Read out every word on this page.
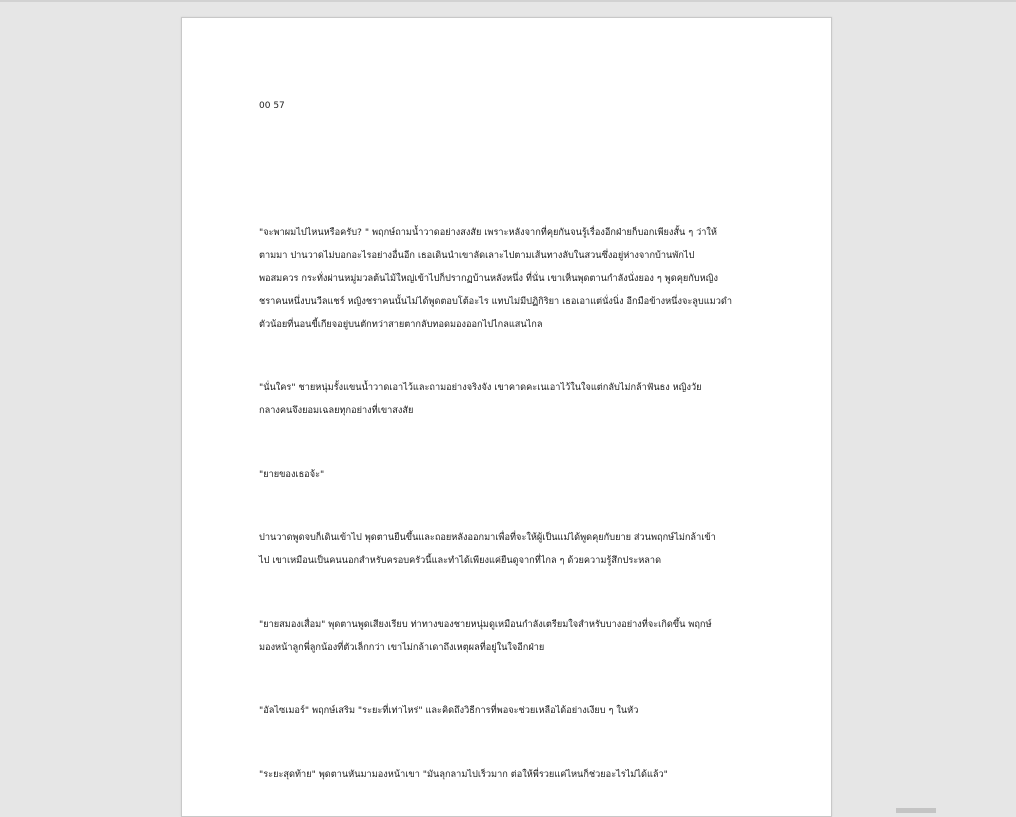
00 57
"จะพาผมไปไหนหรือครับ? " พฤกษ์ถามน้ำวาดอย่างสงสัย เพราะหลังจากที่คุยกันจนรู้เรื่องอีกฝ่ายก็บอกเพียงสั้น ๆ ว่าให้
ตามมา ปานวาดไม่บอกอะไรอย่างอื่นอีก เธอเดินนำเขาลัดเลาะไปตามเส้นทางลับในสวนซึ่งอยู่ห่างจากบ้านพักไป
พอสมควร กระทั่งผ่านหมู่มวลต้นไม้ใหญ่เข้าไปก็ปรากฏบ้านหลังหนึ่ง ที่นั่น เขาเห็นพุดตานกำลังนั่งยอง ๆ พูดคุยกับหญิง
ชราคนหนึ่งบนวีลแชร์ หญิงชราคนนั้นไม่ได้พูดตอบโต้อะไร แทบไม่มีปฏิกิริยา เธอเอาแต่นั่งนิ่ง อีกมือข้างหนึ่งจะลูบแมวดำ
ตัวน้อยที่นอนขี้เกียจอยู่บนตักทว่าสายตากลับทอดมองออกไปไกลแสนไกล
"นั่นใคร" ชายหนุ่มรั้งแขนน้ำวาดเอาไว้และถามอย่างจริงจัง เขาคาดคะเนเอาไว้ในใจแต่กลับไม่กล้าฟันธง หญิงวัย
กลางคนจึงยอมเฉลยทุกอย่างที่เขาสงสัย
"ยายของเธอจ้ะ"
ปานวาดพูดจบก็เดินเข้าไป พุดตานยืนขึ้นและถอยหลังออกมาเพื่อที่จะให้ผู้เป็นแม่ได้พูดคุยกับยาย ส่วนพฤกษ์ไม่กล้าเข้า
ไป เขาเหมือนเป็นคนนอกสำหรับครอบครัวนี้และทำได้เพียงแค่ยืนดูจากที่ไกล ๆ ด้วยความรู้สึกประหลาด
"ยายสมองเสื่อม" พุดตานพูดเสียงเรียบ ท่าทางของชายหนุ่มดูเหมือนกำลังเตรียมใจสำหรับบางอย่างที่จะเกิดขึ้น พฤกษ์
มองหน้าลูกพี่ลูกน้องที่ตัวเล็กกว่า เขาไม่กล้าเดาถึงเหตุผลที่อยู่ในใจอีกฝ่าย
"อัลไซเมอร์" พฤกษ์เสริม "ระยะที่เท่าไหร่" และคิดถึงวิธีการที่พอจะช่วยเหลือได้อย่างเงียบ ๆ ในหัว
"ระยะสุดท้าย" พุดตานหันมามองหน้าเขา "มันลุกลามไปเร็วมาก ต่อให้พี่รวยแค่ไหนก็ช่วยอะไรไม่ได้แล้ว"
